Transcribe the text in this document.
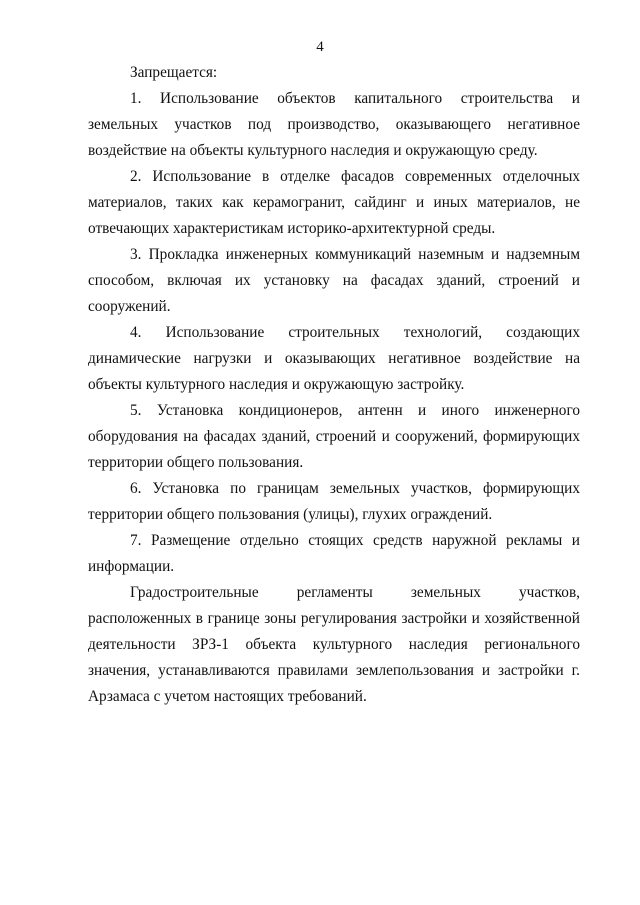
4

Запрещается:

1. Использование объектов капитального строительства и земельных участков под производство, оказывающего негативное воздействие на объекты культурного наследия и окружающую среду.

2. Использование в отделке фасадов современных отделочных материалов, таких как керамогранит, сайдинг и иных материалов, не отвечающих характеристикам историко-архитектурной среды.

3. Прокладка инженерных коммуникаций наземным и надземным способом, включая их установку на фасадах зданий, строений и сооружений.

4. Использование строительных технологий, создающих динамические нагрузки и оказывающих негативное воздействие на объекты культурного наследия и окружающую застройку.

5. Установка кондиционеров, антенн и иного инженерного оборудования на фасадах зданий, строений и сооружений, формирующих территории общего пользования.

6. Установка по границам земельных участков, формирующих территории общего пользования (улицы), глухих ограждений.

7. Размещение отдельно стоящих средств наружной рекламы и информации.

Градостроительные регламенты земельных участков, расположенных в границе зоны регулирования застройки и хозяйственной деятельности ЗРЗ-1 объекта культурного наследия регионального значения, устанавливаются правилами землепользования и застройки г. Арзамаса с учетом настоящих требований.
